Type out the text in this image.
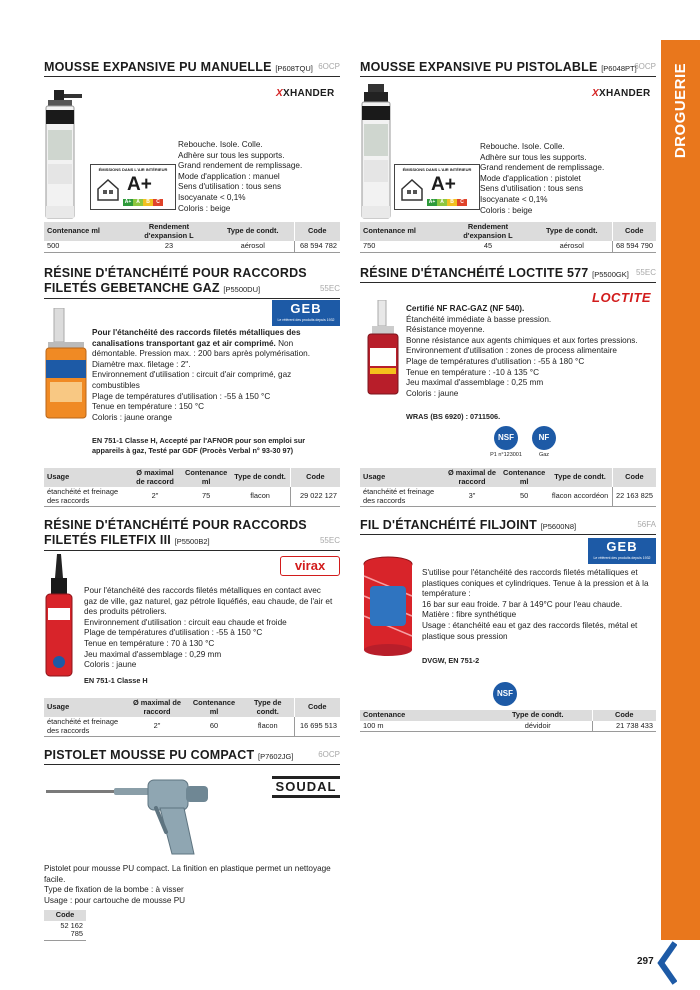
DROGUERIE
MOUSSE EXPANSIVE PU MANUELLE [P608TQU] 6OCP
XXHANDER
ÉMISSIONS DANS L'AIR INTÉRIEUR
A+
A+ A	B	C

Rebouche. Isole. Colle.

Adhère sur tous les supports.

Grand rendement de remplissage.

Mode d'application : manuel

Sens d'utilisation : tous sens

Isocyanate < 0,1%

Coloris : beige

Contenance ml	Rendement d'expansion L	Type de condt.	Code
500	23	aérosol	68 594 782
MOUSSE EXPANSIVE PU PISTOLABLE [P6048PT]
6OCP
XXHANDER
ÉMISSIONS DANS L'AIR INTÉRIEUR
A+
A+ A	B	C

Rebouche. Isole. Colle.

Adhère sur tous les supports.

Grand rendement de remplissage.

Mode d'application : pistolet

Sens d'utilisation : tous sens

Isocyanate < 0,1%

Coloris : beige

Contenance ml	Rendement d'expansion L	Type de condt.	Code
750	45	aérosol	68 594 790
RÉSINE D'ÉTANCHÉITÉ POUR RACCORDS
FILETÉS GEBETANCHE GAZ [P5500DU]	55EC
GEB
Le référent des produits depuis 1932

Pour l'étanchéité des raccords filetés métalliques des canalisations transportant gaz et air comprimé. Non démontable. Pression max. : 200 bars après polymérisation.

Diamètre max. filetage : 2".

Environnement d'utilisation : circuit d'air comprimé, gaz combustibles

Plage de températures d'utilisation : -55 à 150 °C

Tenue en température : 150 °C

Coloris : jaune orange

EN 751-1 Classe H, Accepté par l'AFNOR pour son emploi sur appareils à gaz, Testé par GDF (Procès Verbal n° 93-30 97)
Usage	Ø maximal de raccord	Contenance ml	Type de condt.	Code
étanchéité et freinage des raccords	2"	75	flacon	29 022 127
RÉSINE D'ÉTANCHÉITÉ LOCTITE 577 [P5500GK] 55EC
LOCTITE

Certifié NF RAC-GAZ (NF 540).

Étanchéité immédiate à basse pression.

Résistance moyenne.

Bonne résistance aux agents chimiques et aux fortes pressions.

Environnement d'utilisation : zones de process alimentaire

Plage de températures d'utilisation : -55 à 180 °C

Tenue en température : -10 à 135 °C

Jeu maximal d'assemblage : 0,25 mm

Coloris : jaune

WRAS (BS 6920) : 0711506.
NSF
P1 n°123001
NF
Gaz
Usage	Ø maximal de raccord	Contenance ml	Type de condt.	Code
étanchéité et freinage des raccords	3"	50	flacon accordéon	22 163 825
RÉSINE D'ÉTANCHÉITÉ POUR RACCORDS
FILETÉS FILETFIX III [P5500B2]	55EC
virax

Pour l'étanchéité des raccords filetés métalliques en contact avec gaz de ville, gaz naturel, gaz pétrole liquéfiés, eau chaude, de l'air et des produits pétroliers.

Environnement d'utilisation : circuit eau chaude et froide

Plage de températures d'utilisation : -55 à 150 °C

Tenue en température : 70 à 130 °C

Jeu maximal d'assemblage : 0,29 mm

Coloris : jaune

EN 751-1 Classe H
Usage	Ø maximal de raccord	Contenance ml	Type de condt.	Code
étanchéité et freinage des raccords	2"	60	flacon	16 695 513
FIL D'ÉTANCHÉITÉ FILJOINT [P5600N8]	56FA
GEB
Le référent des produits depuis 1932

S'utilise pour l'étanchéité des raccords filetés métalliques et plastiques coniques et cylindriques. Tenue à la pression et à la température :

16 bar sur eau froide. 7 bar à 149°C pour l'eau chaude.

Matière : fibre synthétique

Usage : étanchéité eau et gaz des raccords filetés, métal et plastique sous pression

DVGW, EN 751-2
NSF
Contenance	Type de condt.	Code
100 m	dévidoir	21 738 433
PISTOLET MOUSSE PU COMPACT [P7602JG]	6OCP
SOUDAL

Pistolet pour mousse PU compact. La finition en plastique permet un nettoyage facile.

Type de fixation de la bombe : à visser

Usage : pour cartouche de mousse PU

Code
52 162 785
297
